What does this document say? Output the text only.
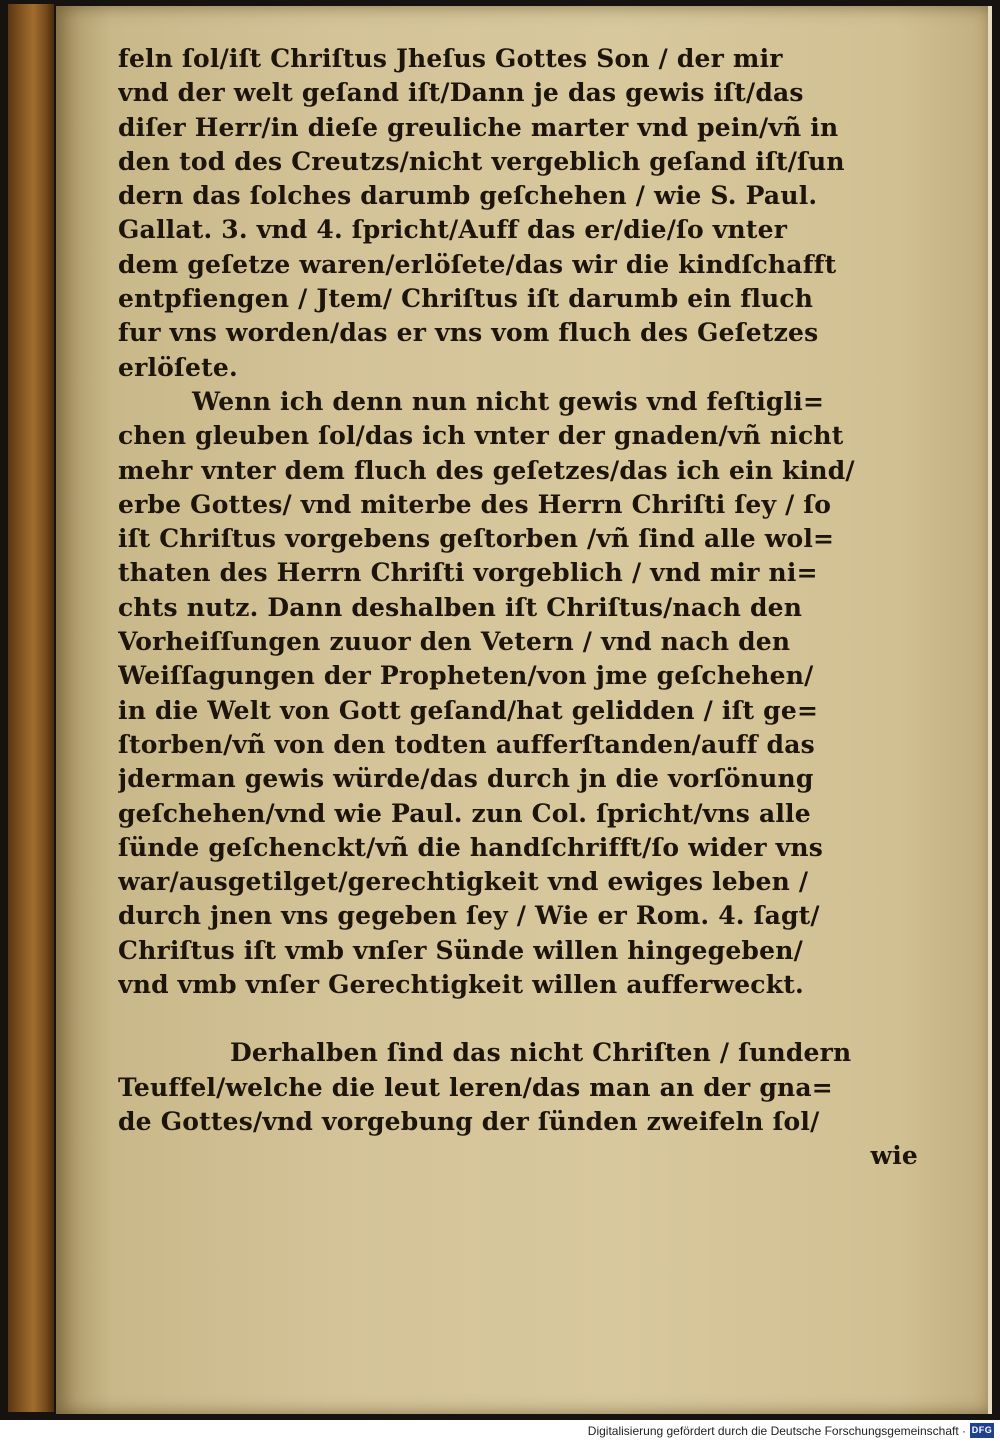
feln ſol/iſt Chriſtus Jheſus Gottes Son / der mir
vnd der welt geſand iſt/Dann je das gewis iſt/das
diſer Herr/in dieſe greuliche marter vnd pein/vñ in
den tod des Creutzs/nicht vergeblich geſand iſt/ſun
dern das ſolches darumb geſchehen / wie S. Paul.
Gallat. 3. vnd 4. ſpricht/Auff das er/die/ſo vnter
dem geſetze waren/erlöſete/das wir die kindſchafft
entpfiengen / Jtem/ Chriſtus iſt darumb ein fluch
fur vns worden/das er vns vom fluch des Geſetzes
erlöſete.
Wenn ich denn nun nicht gewis vnd feſtigli=
chen gleuben ſol/das ich vnter der gnaden/vñ nicht
mehr vnter dem fluch des geſetzes/das ich ein kind/
erbe Gottes/ vnd miterbe des Herrn Chriſti ſey / ſo
iſt Chriſtus vorgebens geſtorben /vñ ſind alle wol=
thaten des Herrn Chriſti vorgeblich / vnd mir ni=
chts nutz. Dann deshalben iſt Chriſtus/nach den
Vorheiſſungen zuuor den Vetern / vnd nach den
Weiſſagungen der Propheten/von jme geſchehen/
in die Welt von Gott geſand/hat gelidden / iſt ge=
ſtorben/vñ von den todten aufferſtanden/auff das
jderman gewis würde/das durch jn die vorſönung
geſchehen/vnd wie Paul. zun Col. ſpricht/vns alle
ſünde geſchenckt/vñ die handſchrifft/ſo wider vns
war/ausgetilget/gerechtigkeit vnd ewiges leben /
durch jnen vns gegeben ſey / Wie er Rom. 4. ſagt/
Chriſtus iſt vmb vnſer Sünde willen hingegeben/
vnd vmb vnſer Gerechtigkeit willen aufferweckt.
Derhalben ſind das nicht Chriſten / ſundern
Teuffel/welche die leut leren/das man an der gna=
de Gottes/vnd vorgebung der ſünden zweifeln ſol/
wie
Digitalisierung gefördert durch die Deutsche Forschungsgemeinschaft · DFG
